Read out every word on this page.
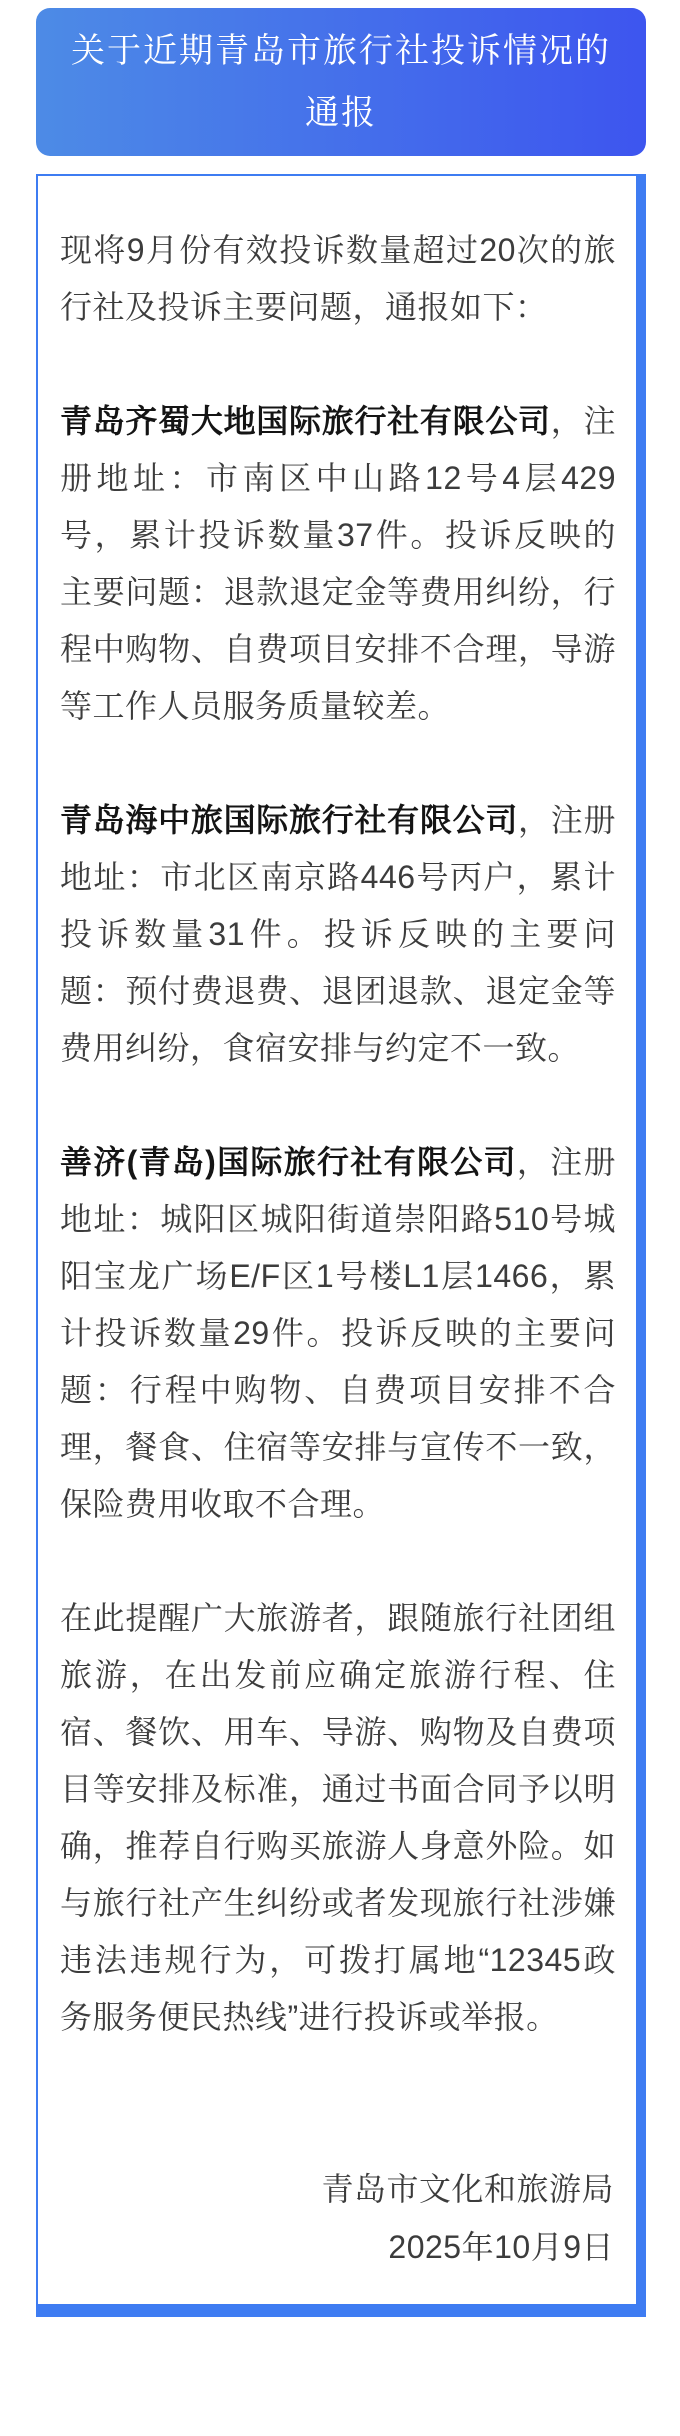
关于近期青岛市旅行社投诉情况的
通报

现将9月份有效投诉数量超过20次的旅行社及投诉主要问题，通报如下：

青岛齐蜀大地国际旅行社有限公司，注册地址：市南区中山路12号4层429号，累计投诉数量37件。投诉反映的主要问题：退款退定金等费用纠纷，行程中购物、自费项目安排不合理，导游等工作人员服务质量较差。

青岛海中旅国际旅行社有限公司，注册地址：市北区南京路446号丙户，累计投诉数量31件。投诉反映的主要问题：预付费退费、退团退款、退定金等费用纠纷，食宿安排与约定不一致。

善济(青岛)国际旅行社有限公司，注册地址：城阳区城阳街道崇阳路510号城阳宝龙广场E/F区1号楼L1层1466，累计投诉数量29件。投诉反映的主要问题：行程中购物、自费项目安排不合理，餐食、住宿等安排与宣传不一致，保险费用收取不合理。

在此提醒广大旅游者，跟随旅行社团组旅游，在出发前应确定旅游行程、住宿、餐饮、用车、导游、购物及自费项目等安排及标准，通过书面合同予以明确，推荐自行购买旅游人身意外险。如与旅行社产生纠纷或者发现旅行社涉嫌违法违规行为，可拨打属地“12345政务服务便民热线”进行投诉或举报。

青岛市文化和旅游局
2025年10月9日
